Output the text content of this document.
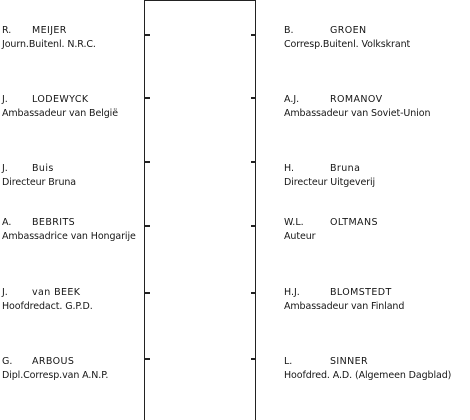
R. MEIJER
Journ.Buitenl. N.R.C.
J.	LODEWYCK
Ambassadeur van België
J.	Buis
Directeur Bruna
A. BEBRITS
Ambassadrice van Hongarije
J.	van BEEK
Hoofdredact. G.P.D.
G. ARBOUS
Dipl.Corresp.van A.N.P.
B.	GROEN
Corresp.Buitenl. Volkskrant
A.J.	ROMANOV
Ambassadeur van Soviet-Union
H.	Bruna
Directeur Uitgeverij
W.L.	OLTMANS
Auteur
H.J.	BLOMSTEDT
Ambassadeur van Finland
L.	SINNER
Hoofdred. A.D. (Algemeen Dagblad)
